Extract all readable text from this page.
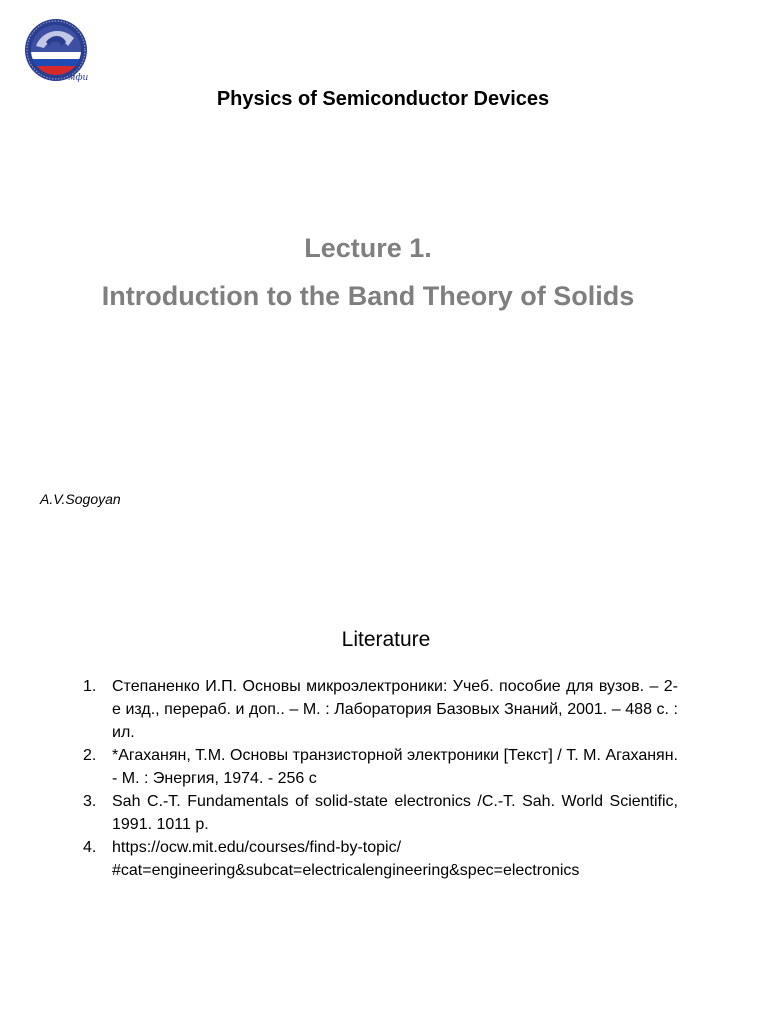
мфи
Physics of Semiconductor Devices
Lecture 1.
Introduction to the Band Theory of Solids
A.V.Sogoyan
Literature
1. Степаненко И.П. Основы микроэлектроники: Учеб. пособие для вузов. – 2-е изд., перераб. и доп.. – М. : Лаборатория Базовых Знаний, 2001. – 488 с. : ил.
2. *Агаханян, Т.М. Основы транзисторной электроники [Текст] / Т. М. Агаханян. - М. : Энергия, 1974. - 256 с
3. Sah C.-T. Fundamentals of solid-state electronics /C.-T. Sah. World Scientific, 1991. 1011 p.
4. https://ocw.mit.edu/courses/find-by-topic/
#cat=engineering&subcat=electricalengineering&spec=electronics
